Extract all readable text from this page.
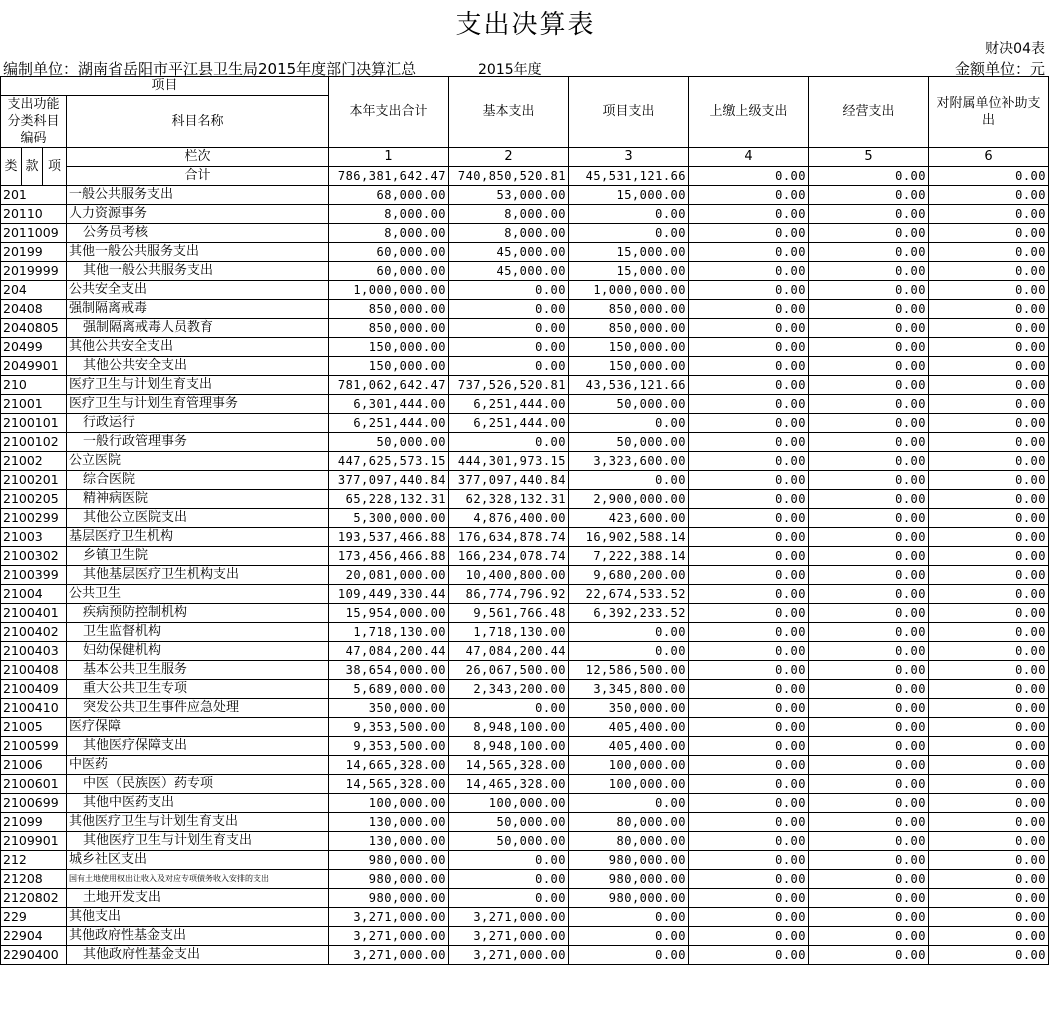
支出决算表
财决04表
编制单位：湖南省岳阳市平江县卫生局2015年度部门决算汇总	2015年度	金额单位：元
项目				本年支出合计	基本支出	项目支出	上缴上级支出	经营支出	对附属单位补助支出
支出功能分类科目编码			科目名称						

类	款	项	栏次	1	2	3	4	5	6
			合计	786,381,642.47	740,850,520.81	45,531,121.66	0.00	0.00	0.00
201			一般公共服务支出	68,000.00	53,000.00	15,000.00	0.00	0.00	0.00
20110			人力资源事务	8,000.00	8,000.00	0.00	0.00	0.00	0.00
2011009			公务员考核	8,000.00	8,000.00	0.00	0.00	0.00	0.00
20199			其他一般公共服务支出	60,000.00	45,000.00	15,000.00	0.00	0.00	0.00
2019999			其他一般公共服务支出	60,000.00	45,000.00	15,000.00	0.00	0.00	0.00
204			公共安全支出	1,000,000.00	0.00	1,000,000.00	0.00	0.00	0.00
20408			强制隔离戒毒	850,000.00	0.00	850,000.00	0.00	0.00	0.00
2040805			强制隔离戒毒人员教育	850,000.00	0.00	850,000.00	0.00	0.00	0.00
20499			其他公共安全支出	150,000.00	0.00	150,000.00	0.00	0.00	0.00
2049901			其他公共安全支出	150,000.00	0.00	150,000.00	0.00	0.00	0.00
210			医疗卫生与计划生育支出	781,062,642.47	737,526,520.81	43,536,121.66	0.00	0.00	0.00
21001			医疗卫生与计划生育管理事务	6,301,444.00	6,251,444.00	50,000.00	0.00	0.00	0.00
2100101			行政运行	6,251,444.00	6,251,444.00	0.00	0.00	0.00	0.00
2100102			一般行政管理事务	50,000.00	0.00	50,000.00	0.00	0.00	0.00
21002			公立医院	447,625,573.15	444,301,973.15	3,323,600.00	0.00	0.00	0.00
2100201			综合医院	377,097,440.84	377,097,440.84	0.00	0.00	0.00	0.00
2100205			精神病医院	65,228,132.31	62,328,132.31	2,900,000.00	0.00	0.00	0.00
2100299			其他公立医院支出	5,300,000.00	4,876,400.00	423,600.00	0.00	0.00	0.00
21003			基层医疗卫生机构	193,537,466.88	176,634,878.74	16,902,588.14	0.00	0.00	0.00
2100302			乡镇卫生院	173,456,466.88	166,234,078.74	7,222,388.14	0.00	0.00	0.00
2100399			其他基层医疗卫生机构支出	20,081,000.00	10,400,800.00	9,680,200.00	0.00	0.00	0.00
21004			公共卫生	109,449,330.44	86,774,796.92	22,674,533.52	0.00	0.00	0.00
2100401			疾病预防控制机构	15,954,000.00	9,561,766.48	6,392,233.52	0.00	0.00	0.00
2100402			卫生监督机构	1,718,130.00	1,718,130.00	0.00	0.00	0.00	0.00
2100403			妇幼保健机构	47,084,200.44	47,084,200.44	0.00	0.00	0.00	0.00
2100408			基本公共卫生服务	38,654,000.00	26,067,500.00	12,586,500.00	0.00	0.00	0.00
2100409			重大公共卫生专项	5,689,000.00	2,343,200.00	3,345,800.00	0.00	0.00	0.00
2100410			突发公共卫生事件应急处理	350,000.00	0.00	350,000.00	0.00	0.00	0.00
21005			医疗保障	9,353,500.00	8,948,100.00	405,400.00	0.00	0.00	0.00
2100599			其他医疗保障支出	9,353,500.00	8,948,100.00	405,400.00	0.00	0.00	0.00
21006			中医药	14,665,328.00	14,565,328.00	100,000.00	0.00	0.00	0.00
2100601			中医（民族医）药专项	14,565,328.00	14,465,328.00	100,000.00	0.00	0.00	0.00
2100699			其他中医药支出	100,000.00	100,000.00	0.00	0.00	0.00	0.00
21099			其他医疗卫生与计划生育支出	130,000.00	50,000.00	80,000.00	0.00	0.00	0.00
2109901			其他医疗卫生与计划生育支出	130,000.00	50,000.00	80,000.00	0.00	0.00	0.00
212			城乡社区支出	980,000.00	0.00	980,000.00	0.00	0.00	0.00
21208			国有土地使用权出让收入及对应专项债务收入安排的支出	980,000.00	0.00	980,000.00	0.00	0.00	0.00
2120802			土地开发支出	980,000.00	0.00	980,000.00	0.00	0.00	0.00
229			其他支出	3,271,000.00	3,271,000.00	0.00	0.00	0.00	0.00
22904			其他政府性基金支出	3,271,000.00	3,271,000.00	0.00	0.00	0.00	0.00
2290400			其他政府性基金支出	3,271,000.00	3,271,000.00	0.00	0.00	0.00	0.00
